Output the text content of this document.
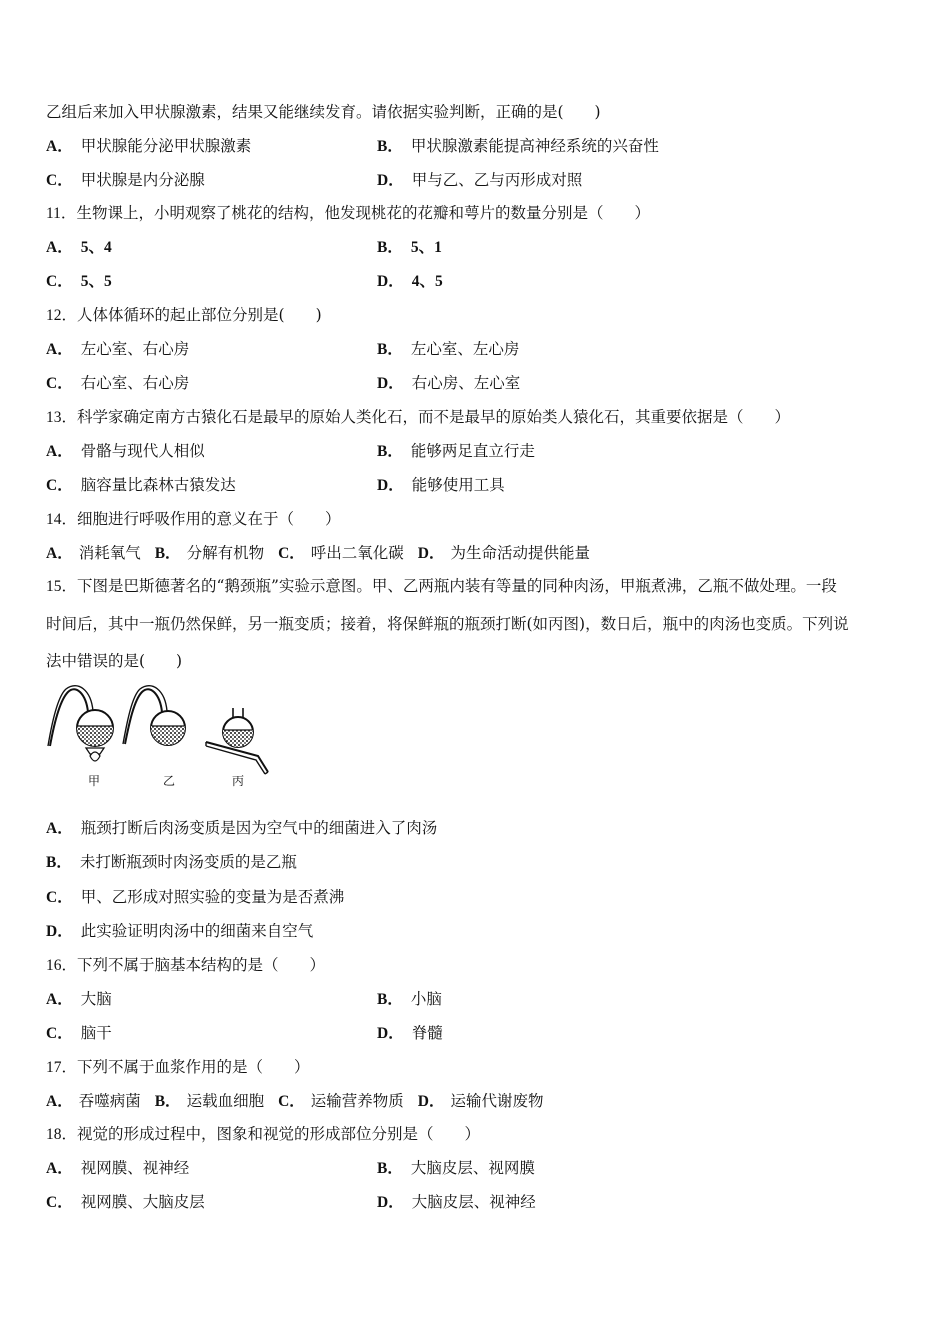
乙组后来加入甲状腺激素，结果又能继续发育。请依据实验判断，正确的是(　　)
A． 甲状腺能分泌甲状腺激素	B． 甲状腺激素能提高神经系统的兴奋性
C． 甲状腺是内分泌腺	D． 甲与乙、乙与丙形成对照
11．生物课上，小明观察了桃花的结构，他发现桃花的花瓣和萼片的数量分别是（　　）
A． 5、4	B． 5、1
C． 5、5	D． 4、5
12．人体体循环的起止部位分别是(　　)
A． 左心室、右心房	B． 左心室、左心房
C． 右心室、右心房	D． 右心房、左心室
13．科学家确定南方古猿化石是最早的原始人类化石，而不是最早的原始类人猿化石，其重要依据是（　　）
A． 骨骼与现代人相似	B． 能够两足直立行走
C． 脑容量比森林古猿发达	D． 能够使用工具
14．细胞进行呼吸作用的意义在于（　　）
A． 消耗氧气 B． 分解有机物 C． 呼出二氧化碳 D． 为生命活动提供能量
15．下图是巴斯德著名的“鹅颈瓶”实验示意图。甲、乙两瓶内装有等量的同种肉汤，甲瓶煮沸，乙瓶不做处理。一段
时间后，其中一瓶仍然保鲜，另一瓶变质；接着，将保鲜瓶的瓶颈打断(如丙图)，数日后，瓶中的肉汤也变质。下列说
法中错误的是(　　)
甲	乙	丙
A． 瓶颈打断后肉汤变质是因为空气中的细菌进入了肉汤
B． 未打断瓶颈时肉汤变质的是乙瓶
C． 甲、乙形成对照实验的变量为是否煮沸
D． 此实验证明肉汤中的细菌来自空气
16．下列不属于脑基本结构的是（　　）
A． 大脑	B． 小脑
C． 脑干	D． 脊髓
17．下列不属于血浆作用的是（　　）
A． 吞噬病菌 B． 运载血细胞 C． 运输营养物质 D． 运输代谢废物
18．视觉的形成过程中，图象和视觉的形成部位分别是（　　）
A． 视网膜、视神经	B． 大脑皮层、视网膜
C． 视网膜、大脑皮层	D． 大脑皮层、视神经
